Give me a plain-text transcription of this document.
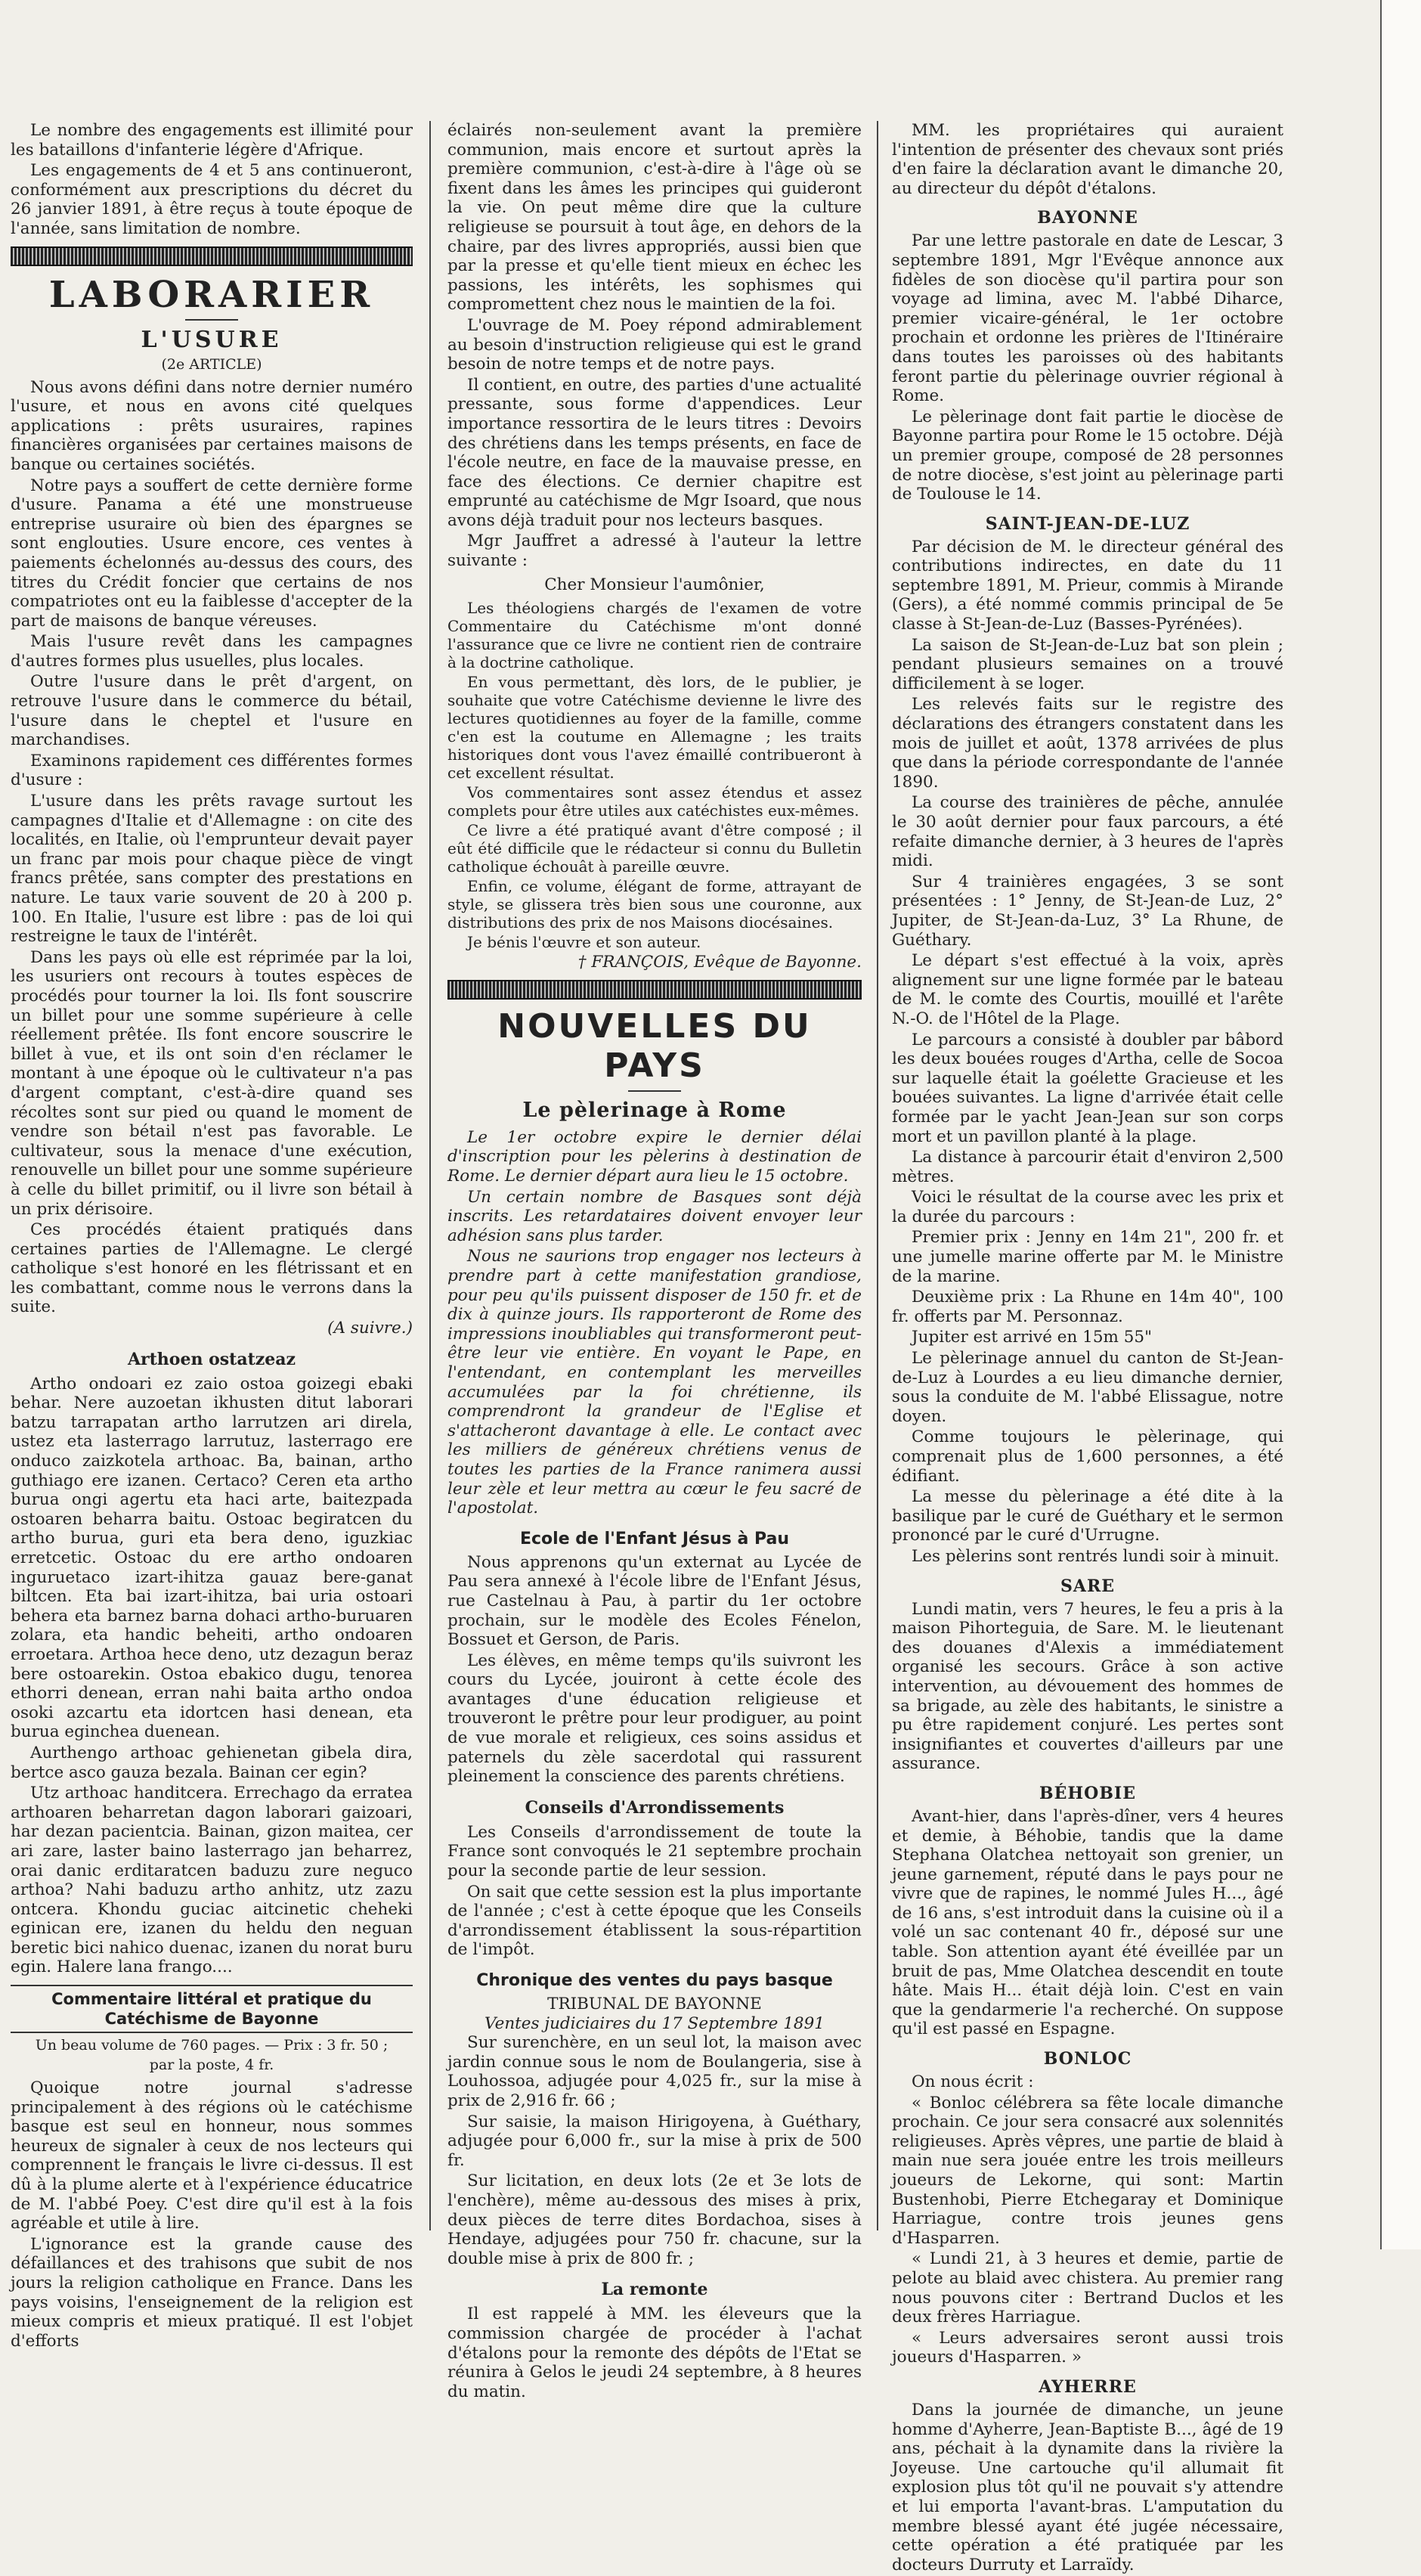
Le nombre des engagements est illimité pour les bataillons d'infanterie légère d'Afrique.

Les engagements de 4 et 5 ans continueront, conformément aux prescriptions du décret du 26 janvier 1891, à être reçus à toute époque de l'année, sans limitation de nombre.

LABORARIER
L'USURE
(2e ARTICLE)

Nous avons défini dans notre dernier numéro l'usure, et nous en avons cité quelques applications : prêts usuraires, rapines financières organisées par certaines maisons de banque ou certaines sociétés.

Notre pays a souffert de cette dernière forme d'usure. Panama a été une monstrueuse entreprise usuraire où bien des épargnes se sont englouties. Usure encore, ces ventes à paiements échelonnés au-dessus des cours, des titres du Crédit foncier que certains de nos compatriotes ont eu la faiblesse d'accepter de la part de maisons de banque véreuses.

Mais l'usure revêt dans les campagnes d'autres formes plus usuelles, plus locales.

Outre l'usure dans le prêt d'argent, on retrouve l'usure dans le commerce du bétail, l'usure dans le cheptel et l'usure en marchandises.

Examinons rapidement ces différentes formes d'usure :

L'usure dans les prêts ravage surtout les campagnes d'Italie et d'Allemagne : on cite des localités, en Italie, où l'emprunteur devait payer un franc par mois pour chaque pièce de vingt francs prêtée, sans compter des prestations en nature. Le taux varie souvent de 20 à 200 p. 100. En Italie, l'usure est libre : pas de loi qui restreigne le taux de l'intérêt.

Dans les pays où elle est réprimée par la loi, les usuriers ont recours à toutes espèces de procédés pour tourner la loi. Ils font souscrire un billet pour une somme supérieure à celle réellement prêtée. Ils font encore souscrire le billet à vue, et ils ont soin d'en réclamer le montant à une époque où le cultivateur n'a pas d'argent comptant, c'est-à-dire quand ses récoltes sont sur pied ou quand le moment de vendre son bétail n'est pas favorable. Le cultivateur, sous la menace d'une exécution, renouvelle un billet pour une somme supérieure à celle du billet primitif, ou il livre son bétail à un prix dérisoire.

Ces procédés étaient pratiqués dans certaines parties de l'Allemagne. Le clergé catholique s'est honoré en les flétrissant et en les combattant, comme nous le verrons dans la suite.

(A suivre.)
Arthoen ostatzeaz

Artho ondoari ez zaio ostoa goizegi ebaki behar. Nere auzoetan ikhusten ditut laborari batzu tarrapatan artho larrutzen ari direla, ustez eta lasterrago larrutuz, lasterrago ere onduco zaizkotela arthoac. Ba, bainan, artho guthiago ere izanen. Certaco? Ceren eta artho burua ongi agertu eta haci arte, baitezpada ostoaren beharra baitu. Ostoac begiratcen du artho burua, guri eta bera deno, iguzkiac erretcetic. Ostoac du ere artho ondoaren inguruetaco izart-ihitza gauaz bere-ganat biltcen. Eta bai izart-ihitza, bai uria ostoari behera eta barnez barna dohaci artho-buruaren zolara, eta handic beheiti, artho ondoaren erroetara. Arthoa hece deno, utz dezagun beraz bere ostoarekin. Ostoa ebakico dugu, tenorea ethorri denean, erran nahi baita artho ondoa osoki azcartu eta idortcen hasi denean, eta burua eginchea duenean.

Aurthengo arthoac gehienetan gibela dira, bertce asco gauza bezala. Bainan cer egin?

Utz arthoac handitcera. Errechago da erratea arthoaren beharretan dagon laborari gaizoari, har dezan pacientcia. Bainan, gizon maitea, cer ari zare, laster baino lasterrago jan beharrez, orai danic erditaratcen baduzu zure neguco arthoa? Nahi baduzu artho anhitz, utz zazu ontcera. Khondu guciac aitcinetic cheheki eginican ere, izanen du heldu den neguan beretic bici nahico duenac, izanen du norat buru egin. Halere lana frango....

Commentaire littéral et pratique du Catéchisme de Bayonne
Un beau volume de 760 pages. — Prix : 3 fr. 50 ;
par la poste, 4 fr.

Quoique notre journal s'adresse principalement à des régions où le catéchisme basque est seul en honneur, nous sommes heureux de signaler à ceux de nos lecteurs qui comprennent le français le livre ci-dessus. Il est dû à la plume alerte et à l'expérience éducatrice de M. l'abbé Poey. C'est dire qu'il est à la fois agréable et utile à lire.

L'ignorance est la grande cause des défaillances et des trahisons que subit de nos jours la religion catholique en France. Dans les pays voisins, l'enseignement de la religion est mieux compris et mieux pratiqué. Il est l'objet d'efforts

éclairés non-seulement avant la première communion, mais encore et surtout après la première communion, c'est-à-dire à l'âge où se fixent dans les âmes les principes qui guideront la vie. On peut même dire que la culture religieuse se poursuit à tout âge, en dehors de la chaire, par des livres appropriés, aussi bien que par la presse et qu'elle tient mieux en échec les passions, les intérêts, les sophismes qui compromettent chez nous le maintien de la foi.

L'ouvrage de M. Poey répond admirablement au besoin d'instruction religieuse qui est le grand besoin de notre temps et de notre pays.

Il contient, en outre, des parties d'une actualité pressante, sous forme d'appendices. Leur importance ressortira de le leurs titres : Devoirs des chrétiens dans les temps présents, en face de l'école neutre, en face de la mauvaise presse, en face des élections. Ce dernier chapitre est emprunté au catéchisme de Mgr Isoard, que nous avons déjà traduit pour nos lecteurs basques.

Mgr Jauffret a adressé à l'auteur la lettre suivante :

Cher Monsieur l'aumônier,

Les théologiens chargés de l'examen de votre Commentaire du Catéchisme m'ont donné l'assurance que ce livre ne contient rien de contraire à la doctrine catholique.

En vous permettant, dès lors, de le publier, je souhaite que votre Catéchisme devienne le livre des lectures quotidiennes au foyer de la famille, comme c'en est la coutume en Allemagne ; les traits historiques dont vous l'avez émaillé contribueront à cet excellent résultat.

Vos commentaires sont assez étendus et assez complets pour être utiles aux catéchistes eux-mêmes.

Ce livre a été pratiqué avant d'être composé ; il eût été difficile que le rédacteur si connu du Bulletin catholique échouât à pareille œuvre.

Enfin, ce volume, élégant de forme, attrayant de style, se glissera très bien sous une couronne, aux distributions des prix de nos Maisons diocésaines.

Je bénis l'œuvre et son auteur.

† FRANÇOIS, Evêque de Bayonne.
NOUVELLES DU PAYS
Le pèlerinage à Rome

Le 1er octobre expire le dernier délai d'inscription pour les pèlerins à destination de Rome. Le dernier départ aura lieu le 15 octobre.

Un certain nombre de Basques sont déjà inscrits. Les retardataires doivent envoyer leur adhésion sans plus tarder.

Nous ne saurions trop engager nos lecteurs à prendre part à cette manifestation grandiose, pour peu qu'ils puissent disposer de 150 fr. et de dix à quinze jours. Ils rapporteront de Rome des impressions inoubliables qui transformeront peut-être leur vie entière. En voyant le Pape, en l'entendant, en contemplant les merveilles accumulées par la foi chrétienne, ils comprendront la grandeur de l'Eglise et s'attacheront davantage à elle. Le contact avec les milliers de généreux chrétiens venus de toutes les parties de la France ranimera aussi leur zèle et leur mettra au cœur le feu sacré de l'apostolat.

Ecole de l'Enfant Jésus à Pau

Nous apprenons qu'un externat au Lycée de Pau sera annexé à l'école libre de l'Enfant Jésus, rue Castelnau à Pau, à partir du 1er octobre prochain, sur le modèle des Ecoles Fénelon, Bossuet et Gerson, de Paris.

Les élèves, en même temps qu'ils suivront les cours du Lycée, jouiront à cette école des avantages d'une éducation religieuse et trouveront le prêtre pour leur prodiguer, au point de vue morale et religieux, ces soins assidus et paternels du zèle sacerdotal qui rassurent pleinement la conscience des parents chrétiens.

Conseils d'Arrondissements

Les Conseils d'arrondissement de toute la France sont convoqués le 21 septembre prochain pour la seconde partie de leur session.

On sait que cette session est la plus importante de l'année ; c'est à cette époque que les Conseils d'arrondissement établissent la sous-répartition de l'impôt.

Chronique des ventes du pays basque
TRIBUNAL DE BAYONNE
Ventes judiciaires du 17 Septembre 1891

Sur surenchère, en un seul lot, la maison avec jardin connue sous le nom de Boulangeria, sise à Louhossoa, adjugée pour 4,025 fr., sur la mise à prix de 2,916 fr. 66 ;

Sur saisie, la maison Hirigoyena, à Guéthary, adjugée pour 6,000 fr., sur la mise à prix de 500 fr.

Sur licitation, en deux lots (2e et 3e lots de l'enchère), même au-dessous des mises à prix, deux pièces de terre dites Bordachoa, sises à Hendaye, adjugées pour 750 fr. chacune, sur la double mise à prix de 800 fr. ;

La remonte

Il est rappelé à MM. les éleveurs que la commission chargée de procéder à l'achat d'étalons pour la remonte des dépôts de l'Etat se réunira à Gelos le jeudi 24 septembre, à 8 heures du matin.

MM. les propriétaires qui auraient l'intention de présenter des chevaux sont priés d'en faire la déclaration avant le dimanche 20, au directeur du dépôt d'étalons.

BAYONNE

Par une lettre pastorale en date de Lescar, 3 septembre 1891, Mgr l'Evêque annonce aux fidèles de son diocèse qu'il partira pour son voyage ad limina, avec M. l'abbé Diharce, premier vicaire-général, le 1er octobre prochain et ordonne les prières de l'Itinéraire dans toutes les paroisses où des habitants feront partie du pèlerinage ouvrier régional à Rome.

Le pèlerinage dont fait partie le diocèse de Bayonne partira pour Rome le 15 octobre. Déjà un premier groupe, composé de 28 personnes de notre diocèse, s'est joint au pèlerinage parti de Toulouse le 14.

SAINT-JEAN-DE-LUZ

Par décision de M. le directeur général des contributions indirectes, en date du 11 septembre 1891, M. Prieur, commis à Mirande (Gers), a été nommé commis principal de 5e classe à St-Jean-de-Luz (Basses-Pyrénées).

La saison de St-Jean-de-Luz bat son plein ; pendant plusieurs semaines on a trouvé difficilement à se loger.

Les relevés faits sur le registre des déclarations des étrangers constatent dans les mois de juillet et août, 1378 arrivées de plus que dans la période correspondante de l'année 1890.

La course des trainières de pêche, annulée le 30 août dernier pour faux parcours, a été refaite dimanche dernier, à 3 heures de l'après midi.

Sur 4 trainières engagées, 3 se sont présentées : 1° Jenny, de St-Jean-de Luz, 2° Jupiter, de St-Jean-da-Luz, 3° La Rhune, de Guéthary.

Le départ s'est effectué à la voix, après alignement sur une ligne formée par le bateau de M. le comte des Courtis, mouillé et l'arête N.-O. de l'Hôtel de la Plage.

Le parcours a consisté à doubler par bâbord les deux bouées rouges d'Artha, celle de Socoa sur laquelle était la goélette Gracieuse et les bouées suivantes. La ligne d'arrivée était celle formée par le yacht Jean-Jean sur son corps mort et un pavillon planté à la plage.

La distance à parcourir était d'environ 2,500 mètres.

Voici le résultat de la course avec les prix et la durée du parcours :

Premier prix : Jenny en 14m 21", 200 fr. et une jumelle marine offerte par M. le Ministre de la marine.

Deuxième prix : La Rhune en 14m 40", 100 fr. offerts par M. Personnaz.

Jupiter est arrivé en 15m 55"

Le pèlerinage annuel du canton de St-Jean-de-Luz à Lourdes a eu lieu dimanche dernier, sous la conduite de M. l'abbé Elissague, notre doyen.

Comme toujours le pèlerinage, qui comprenait plus de 1,600 personnes, a été édifiant.

La messe du pèlerinage a été dite à la basilique par le curé de Guéthary et le sermon prononcé par le curé d'Urrugne.

Les pèlerins sont rentrés lundi soir à minuit.

SARE

Lundi matin, vers 7 heures, le feu a pris à la maison Pihorteguia, de Sare. M. le lieutenant des douanes d'Alexis a immédiatement organisé les secours. Grâce à son active intervention, au dévouement des hommes de sa brigade, au zèle des habitants, le sinistre a pu être rapidement conjuré. Les pertes sont insignifiantes et couvertes d'ailleurs par une assurance.

BÉHOBIE

Avant-hier, dans l'après-dîner, vers 4 heures et demie, à Béhobie, tandis que la dame Stephana Olatchea nettoyait son grenier, un jeune garnement, réputé dans le pays pour ne vivre que de rapines, le nommé Jules H..., âgé de 16 ans, s'est introduit dans la cuisine où il a volé un sac contenant 40 fr., déposé sur une table. Son attention ayant été éveillée par un bruit de pas, Mme Olatchea descendit en toute hâte. Mais H... était déjà loin. C'est en vain que la gendarmerie l'a recherché. On suppose qu'il est passé en Espagne.

BONLOC

On nous écrit :

« Bonloc célébrera sa fête locale dimanche prochain. Ce jour sera consacré aux solennités religieuses. Après vêpres, une partie de blaid à main nue sera jouée entre les trois meilleurs joueurs de Lekorne, qui sont: Martin Bustenhobi, Pierre Etchegaray et Dominique Harriague, contre trois jeunes gens d'Hasparren.

« Lundi 21, à 3 heures et demie, partie de pelote au blaid avec chistera. Au premier rang nous pouvons citer : Bertrand Duclos et les deux frères Harriague.

« Leurs adversaires seront aussi trois joueurs d'Hasparren. »

AYHERRE

Dans la journée de dimanche, un jeune homme d'Ayherre, Jean-Baptiste B..., âgé de 19 ans, péchait à la dynamite dans la rivière la Joyeuse. Une cartouche qu'il allumait fit explosion plus tôt qu'il ne pouvait s'y attendre et lui emporta l'avant-bras. L'amputation du membre blessé ayant été jugée nécessaire, cette opération a été pratiquée par les docteurs Durruty et Larraïdy.
